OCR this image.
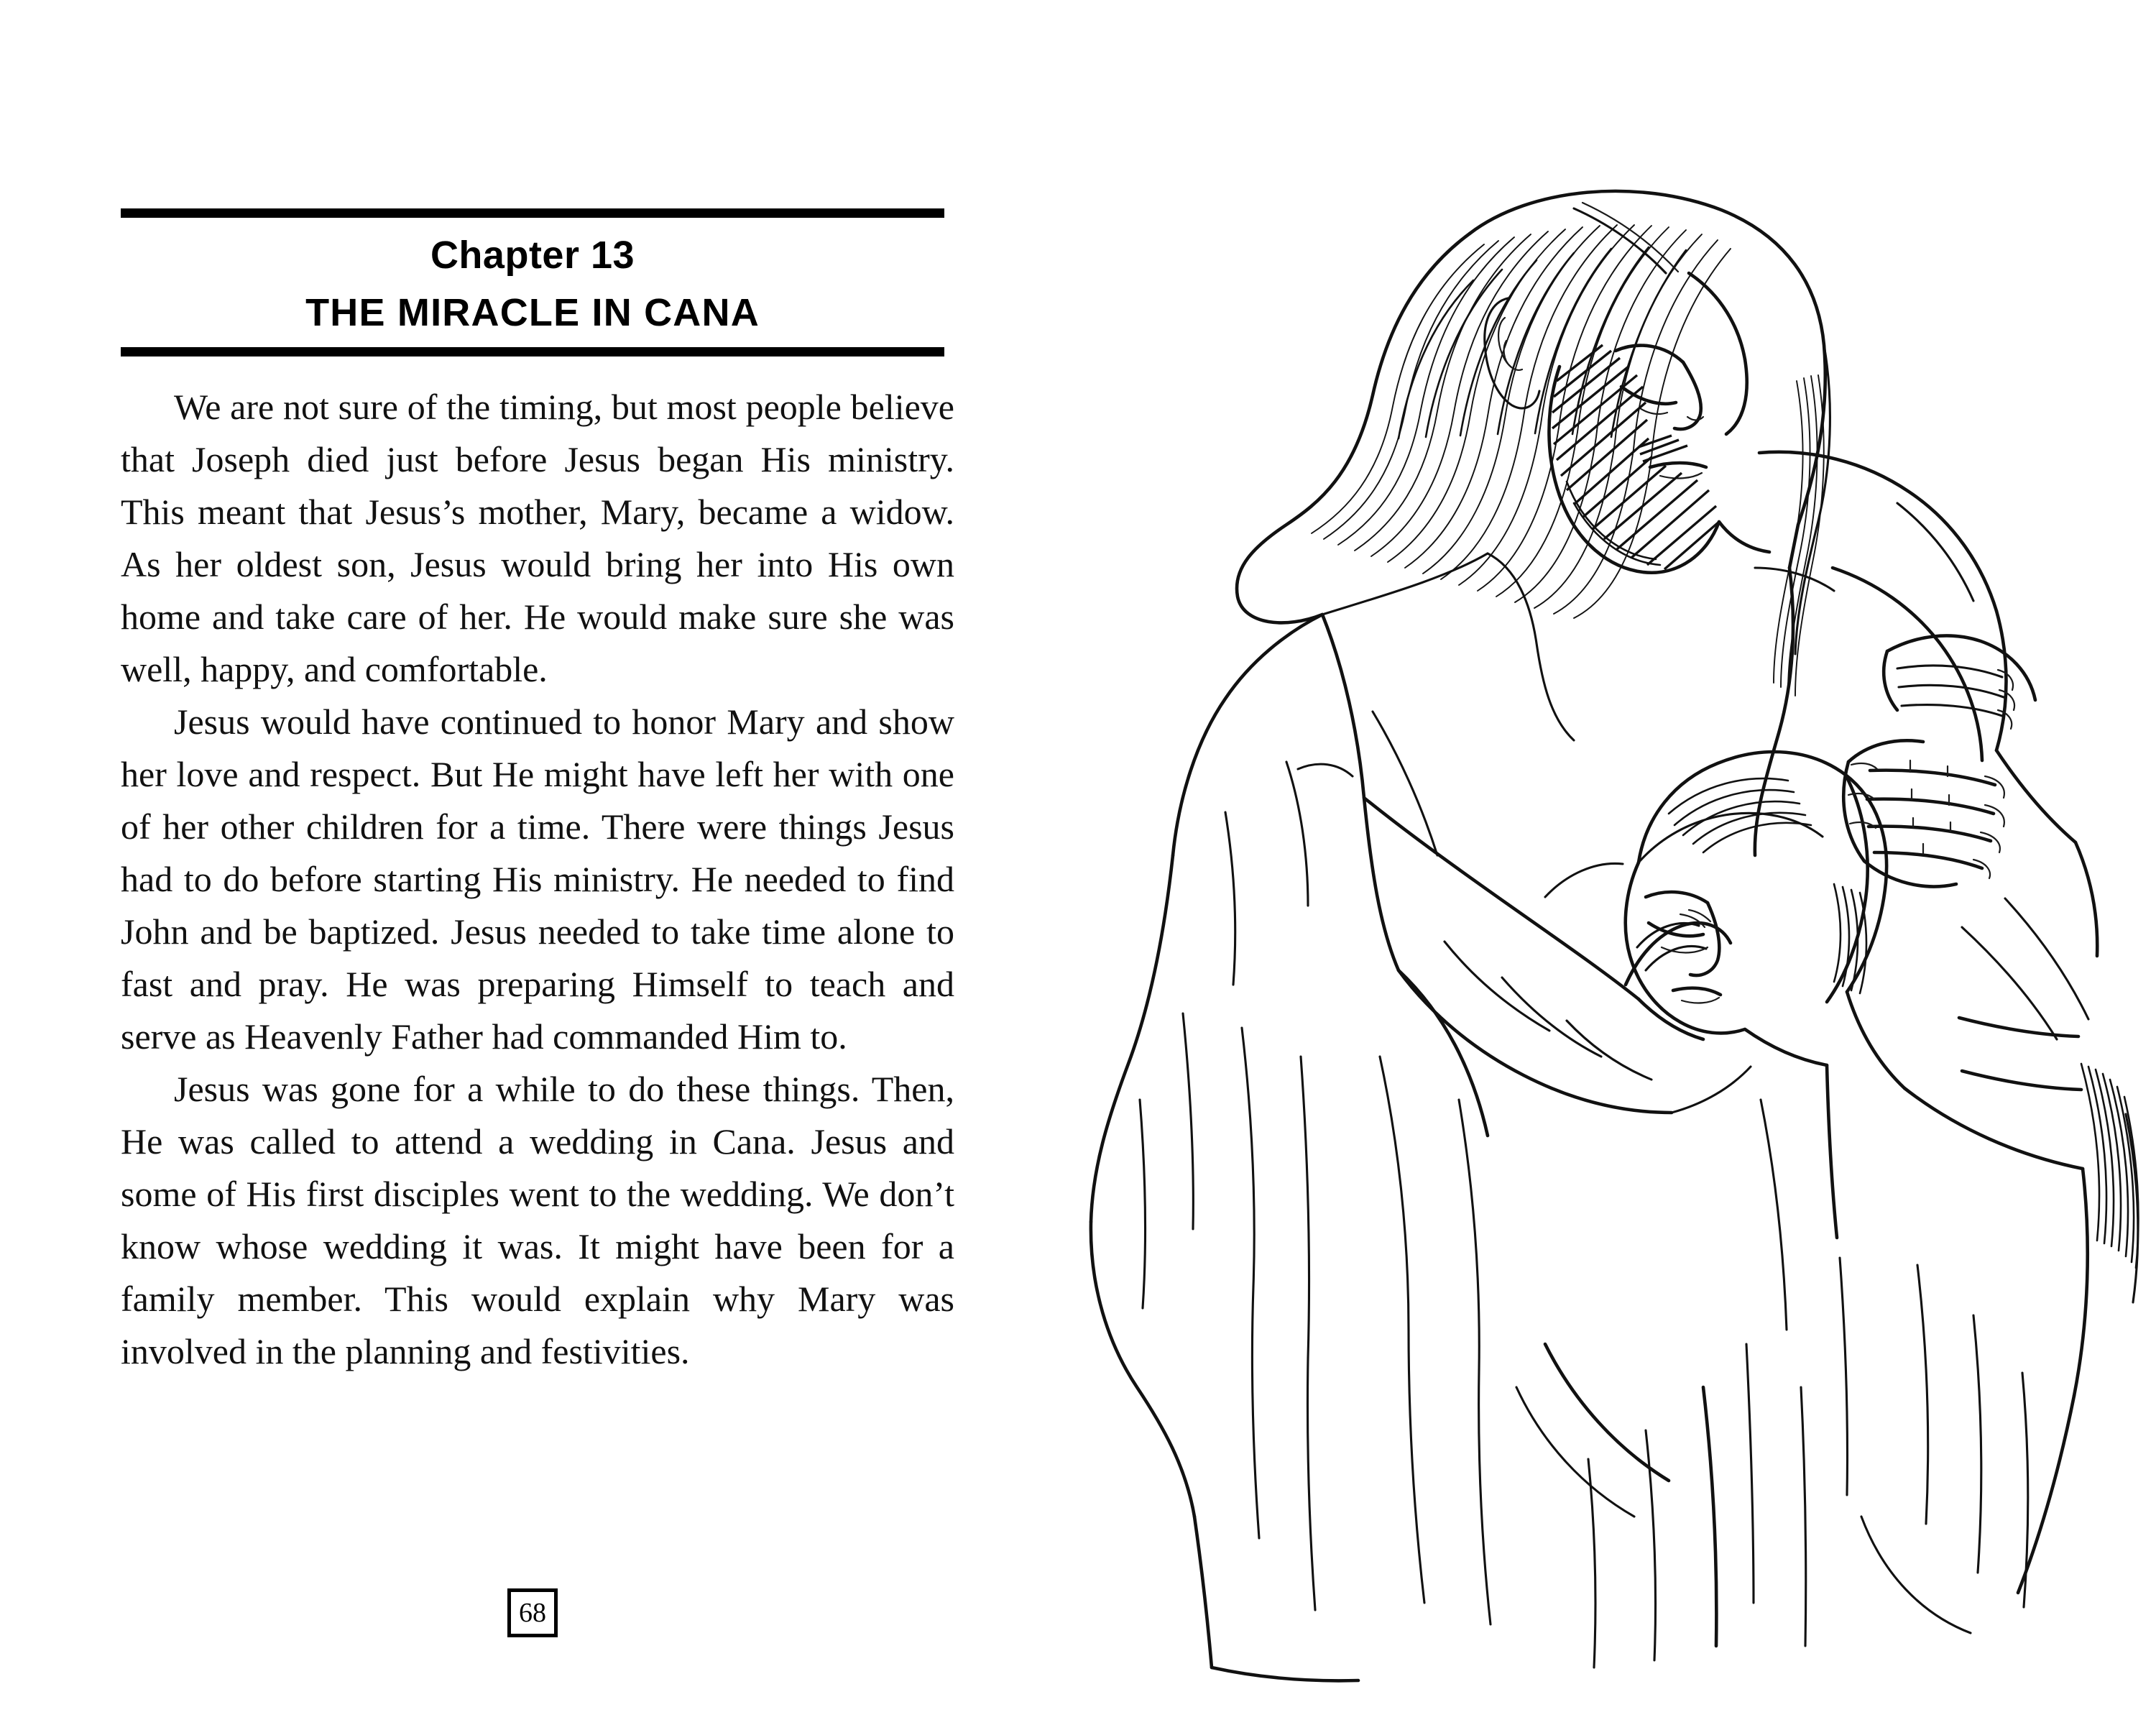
Chapter 13
THE MIRACLE IN CANA

We are not sure of the timing, but most people believe that Joseph died just before Jesus began His ministry. This meant that Jesus’s mother, Mary, became a widow. As her oldest son, Jesus would bring her into His own home and take care of her. He would make sure she was well, happy, and comfortable.

Jesus would have continued to honor Mary and show her love and respect. But He might have left her with one of her other children for a time. There were things Jesus had to do before starting His ministry. He needed to find John and be baptized. Jesus needed to take time alone to fast and pray. He was preparing Himself to teach and serve as Heavenly Father had commanded Him to.

Jesus was gone for a while to do these things. Then, He was called to attend a wedding in Cana. Jesus and some of His first disciples went to the wedding. We don’t know whose wedding it was. It might have been for a family member. This would explain why Mary was involved in the planning and festivities.

68
